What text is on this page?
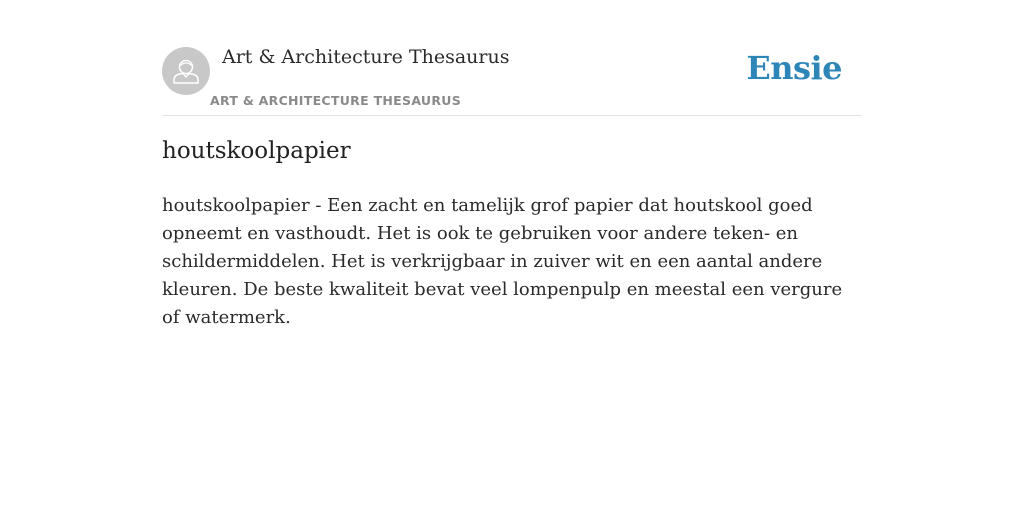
Art & Architecture Thesaurus
ART & ARCHITECTURE THESAURUS
Ensie
houtskoolpapier

houtskoolpapier - Een zacht en tamelijk grof papier dat houtskool goed opneemt en vasthoudt. Het is ook te gebruiken voor andere teken- en schildermiddelen. Het is verkrijgbaar in zuiver wit en een aantal andere kleuren. De beste kwaliteit bevat veel lompenpulp en meestal een vergure of watermerk.
